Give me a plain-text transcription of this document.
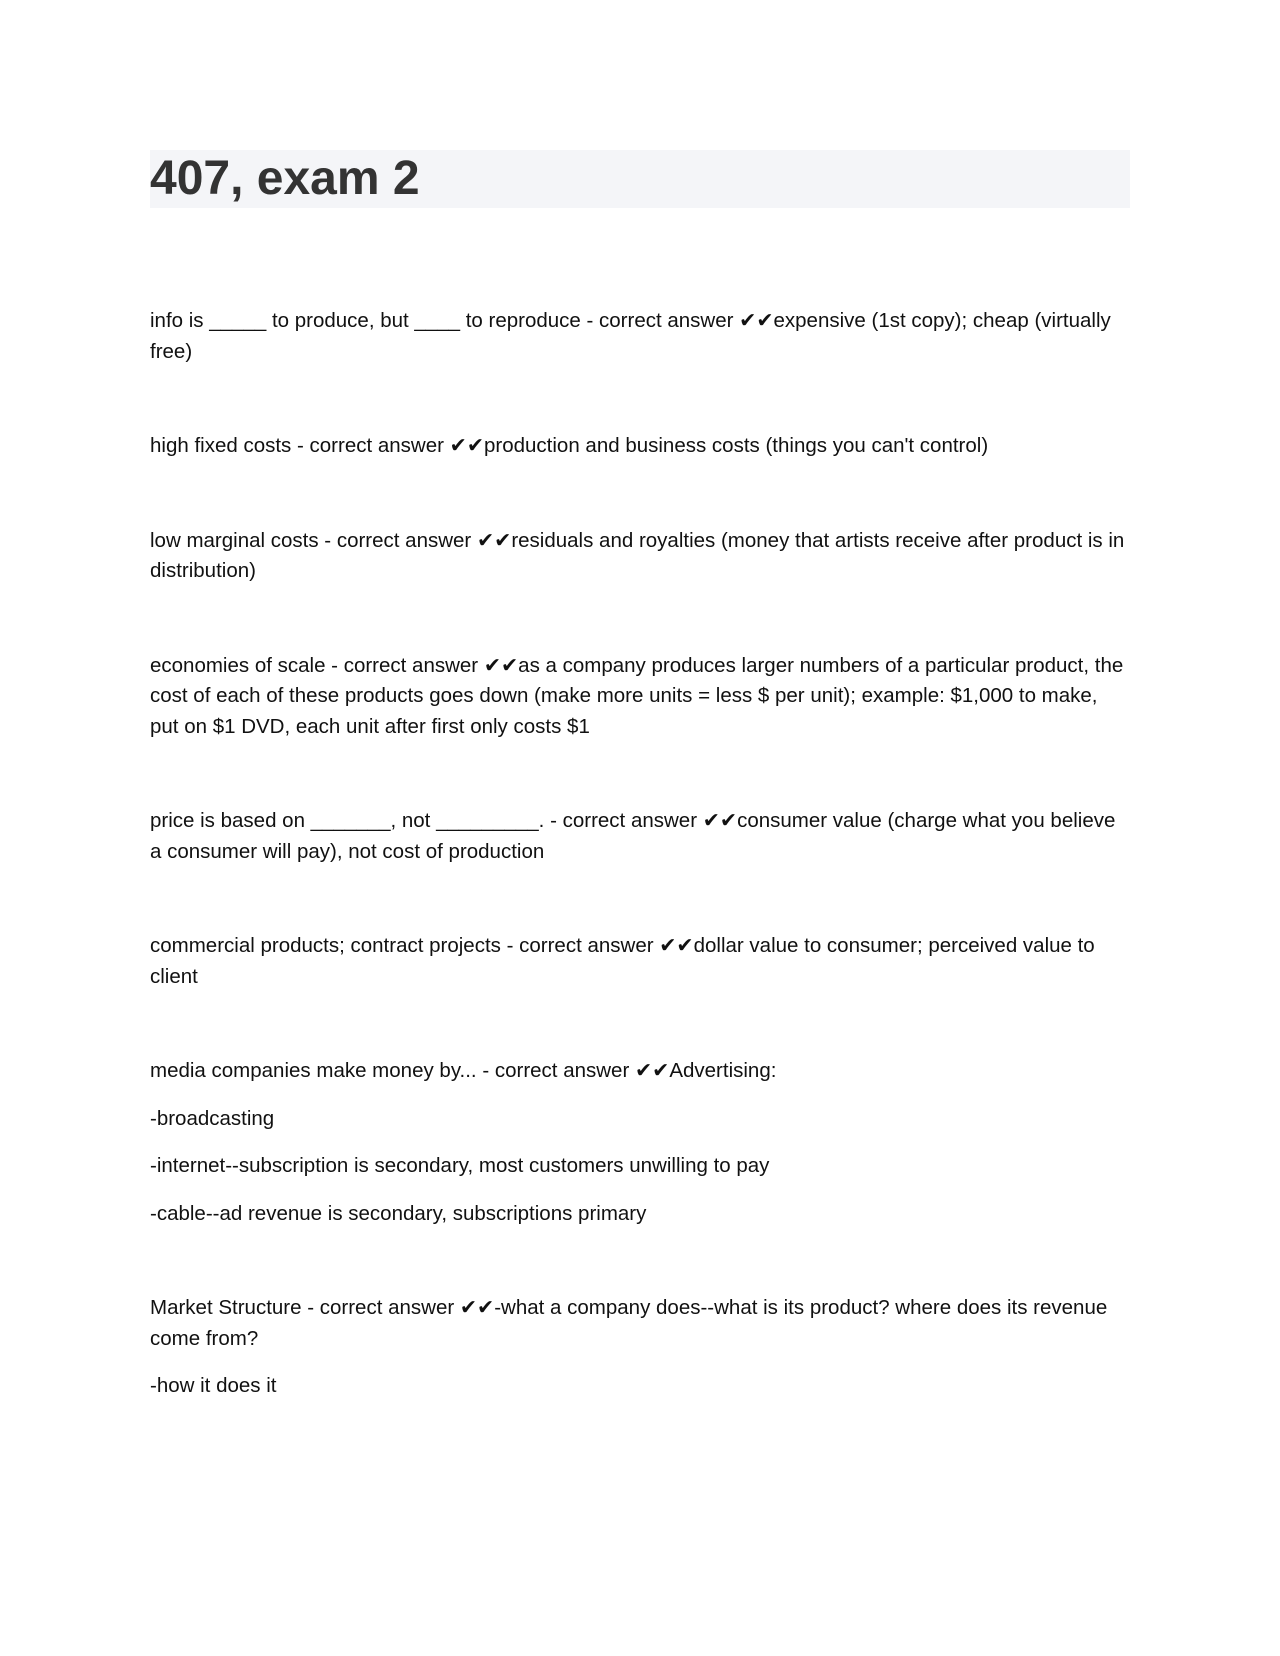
407, exam 2

info is _____ to produce, but ____ to reproduce - correct answer ✔✔expensive (1st copy); cheap (virtually free)

high fixed costs - correct answer ✔✔production and business costs (things you can't control)

low marginal costs - correct answer ✔✔residuals and royalties (money that artists receive after product is in distribution)

economies of scale - correct answer ✔✔as a company produces larger numbers of a particular product, the cost of each of these products goes down (make more units = less $ per unit); example: $1,000 to make, put on $1 DVD, each unit after first only costs $1

price is based on _______, not _________. - correct answer ✔✔consumer value (charge what you believe a consumer will pay), not cost of production

commercial products; contract projects - correct answer ✔✔dollar value to consumer; perceived value to client

media companies make money by... - correct answer ✔✔Advertising:

-broadcasting

-internet--subscription is secondary, most customers unwilling to pay

-cable--ad revenue is secondary, subscriptions primary

Market Structure - correct answer ✔✔-what a company does--what is its product? where does its revenue come from?

-how it does it
